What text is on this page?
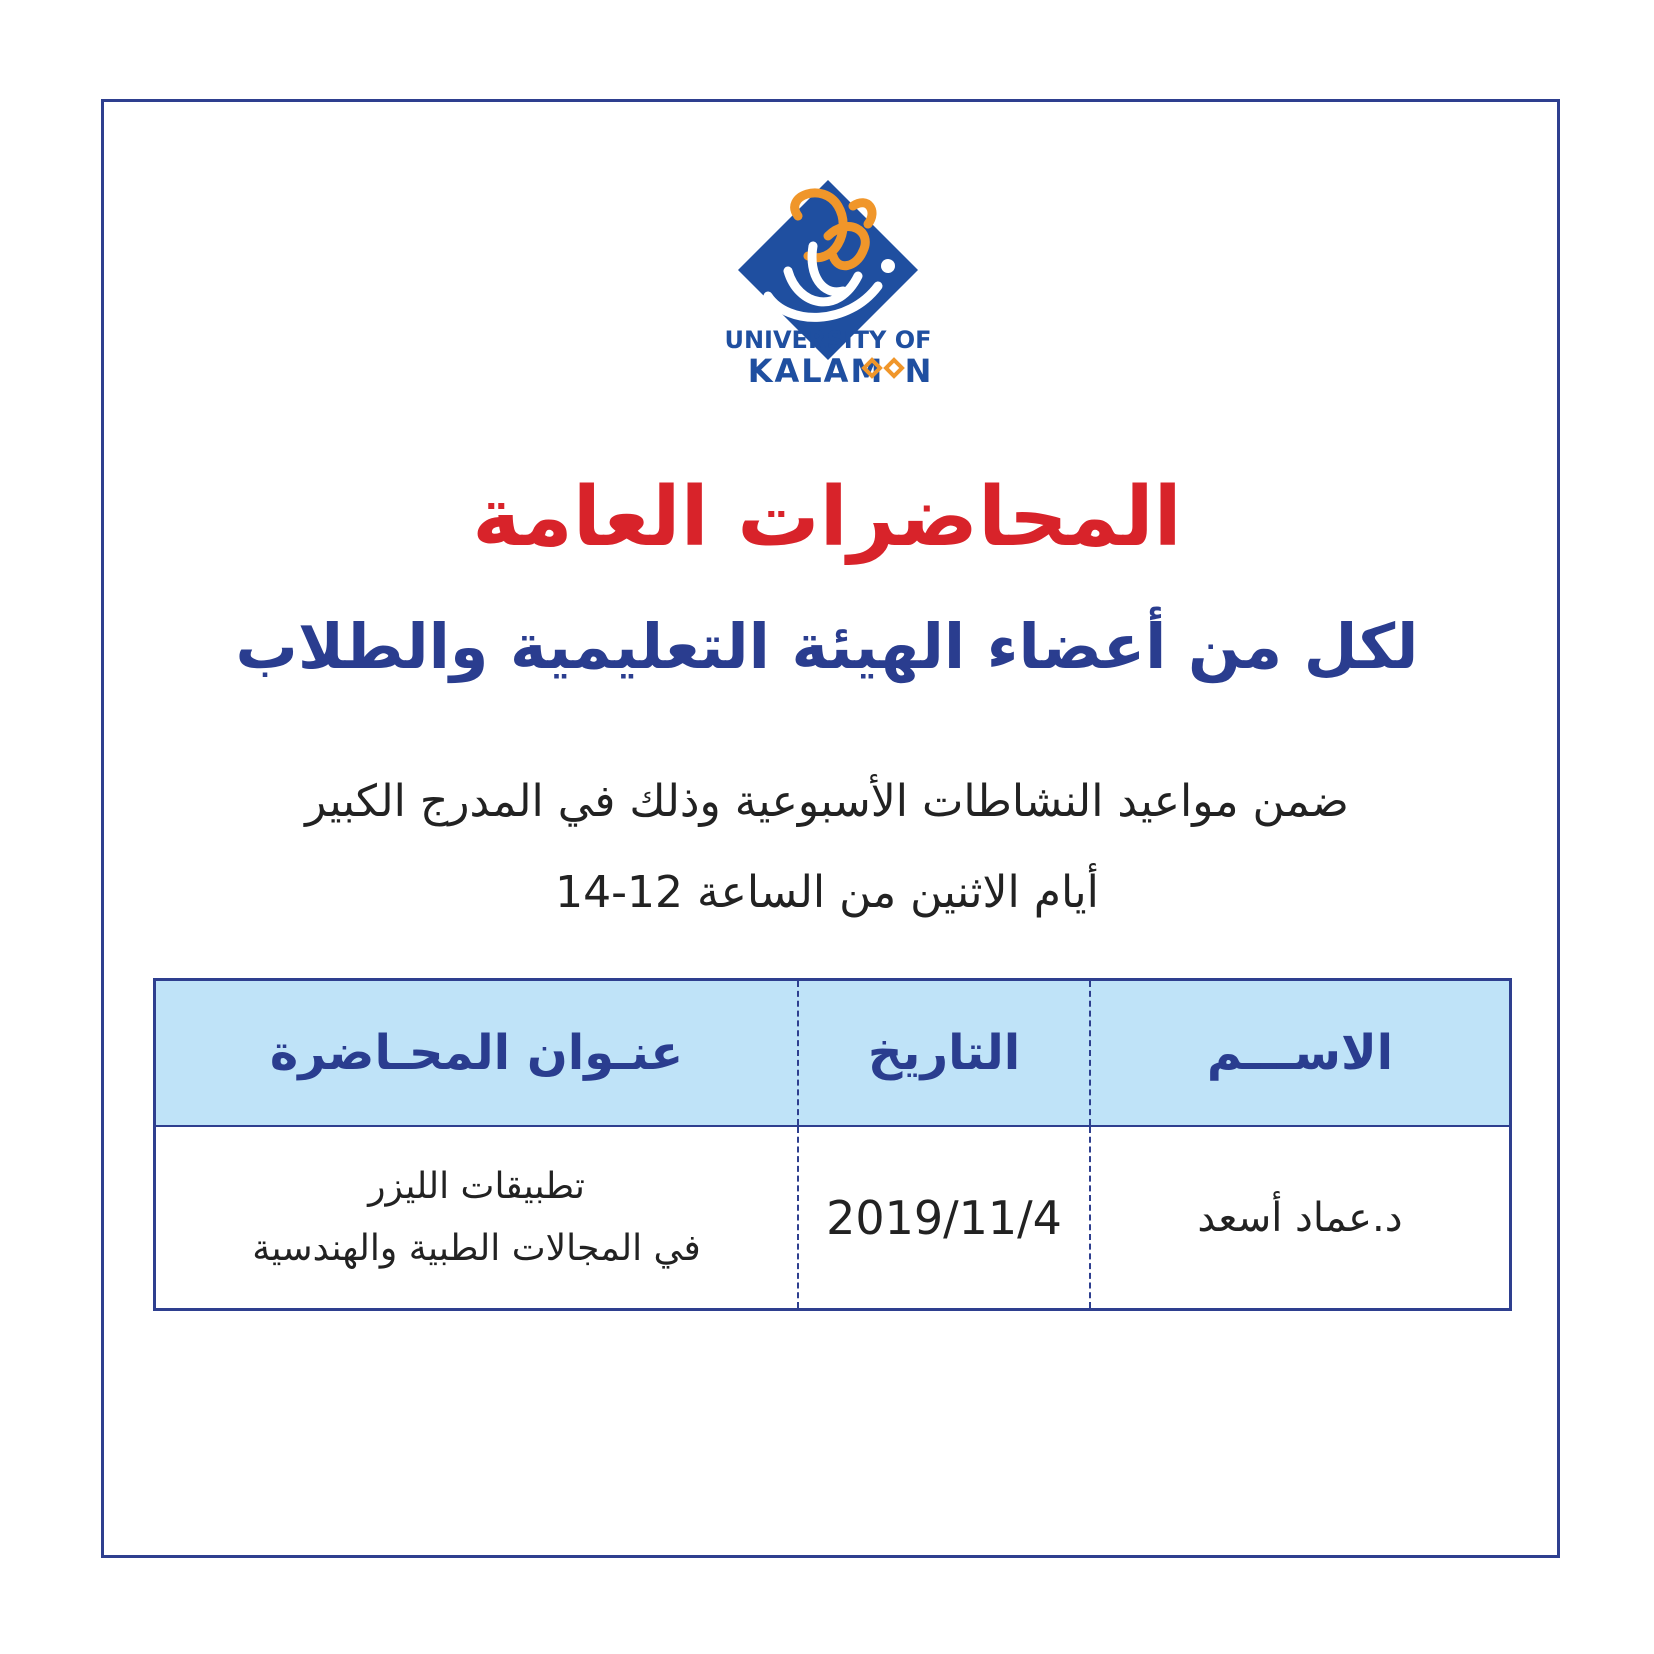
UNIVERSITY OF
KALAM N
المحاضرات العامة
لكل من أعضاء الهيئة التعليمية والطلاب

ضمن مواعيد النشاطات الأسبوعية وذلك في المدرج الكبير

أيام الاثنين من الساعة 12-14

الاســـم
التاريخ
عنـوان المحـاضرة
د.عماد أسعد
2019/11/4
تطبيقات الليزر
في المجالات الطبية والهندسية
